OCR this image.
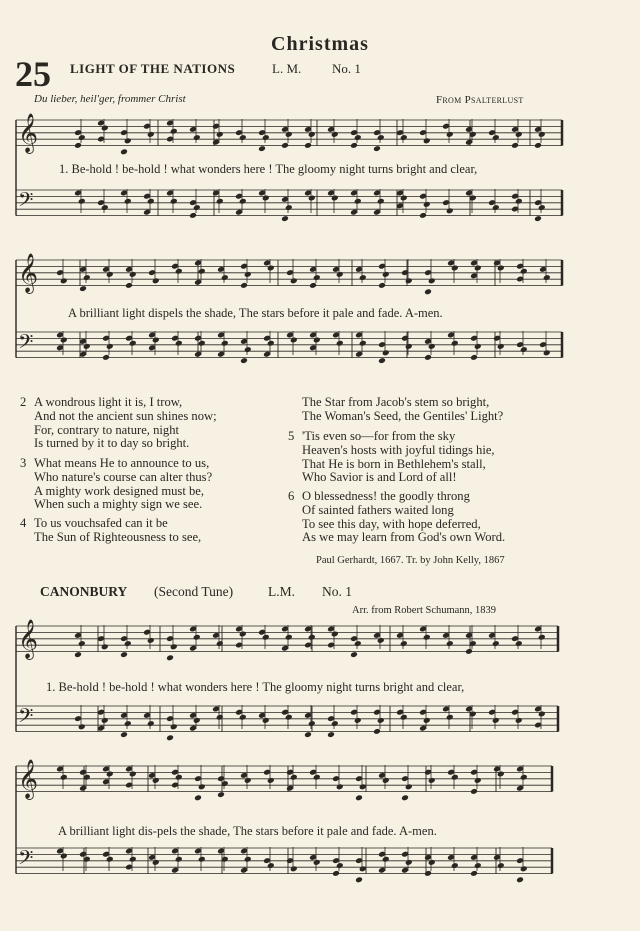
Christmas
25 LIGHT OF THE NATIONS	L. M. No. 1
Du lieber, heil'ger, frommer Christ	From Psalterlust
𝄞
𝄢
1. Be-hold ! be-hold ! what wonders here ! The gloomy night turns bright and clear,
𝄞
𝄢
A brilliant light dispels the shade, The stars before it pale and fade. A-men.
2 A wondrous light it is, I trow,
And not the ancient sun shines now;
For, contrary to nature, night
Is turned by it to day so bright.
3 What means He to announce to us,
Who nature's course can alter thus?
A mighty work designed must be,
When such a mighty sign we see.
4 To us vouchsafed can it be
The Sun of Righteousness to see,
The Star from Jacob's stem so bright,
The Woman's Seed, the Gentiles' Light?
5 'Tis even so—for from the sky
Heaven's hosts with joyful tidings hie,
That He is born in Bethlehem's stall,
Who Savior is and Lord of all!
6 O blessedness! the goodly throng
Of sainted fathers waited long
To see this day, with hope deferred,
As we may learn from God's own Word.
Paul Gerhardt, 1667. Tr. by John Kelly, 1867
CANONBURY (Second Tune)	L.M. No. 1
Arr. from Robert Schumann, 1839
𝄞
𝄢
1. Be-hold ! be-hold ! what wonders here ! The gloomy night turns bright and clear,
𝄞
𝄢
A brilliant light dis-pels the shade, The stars before it pale and fade. A-men.
